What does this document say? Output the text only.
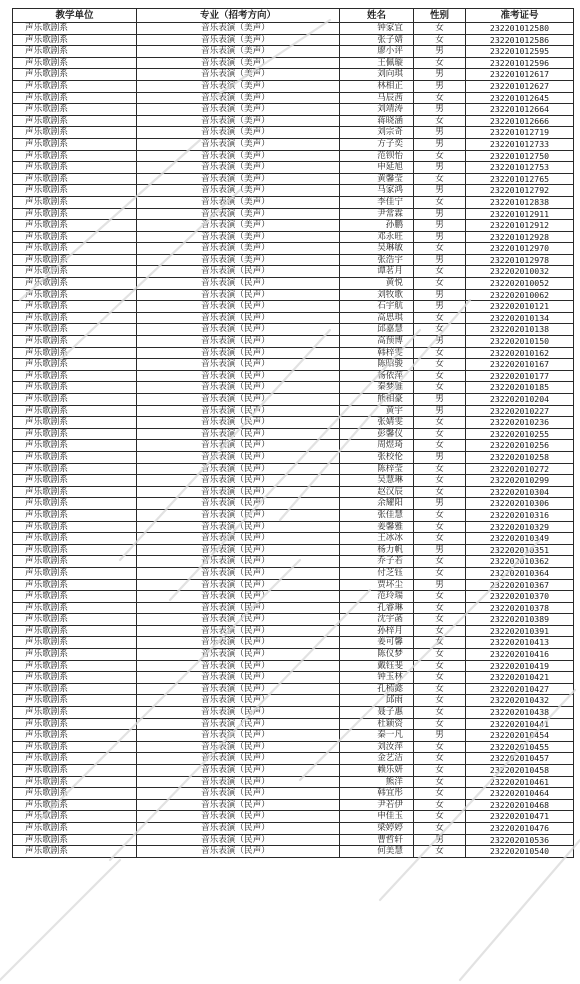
教学单位	专业（招考方向）	姓名	性别	准考证号
声乐歌剧系	音乐表演（美声）	钟家宜	女	232201012580
声乐歌剧系	音乐表演（美声）	张子婧	女	232201012586
声乐歌剧系	音乐表演（美声）	廖小评	男	232201012595
声乐歌剧系	音乐表演（美声）	王佩璇	女	232201012596
声乐歌剧系	音乐表演（美声）	刘向琪	男	232201012617
声乐歌剧系	音乐表演（美声）	林相正	男	232201012627
声乐歌剧系	音乐表演（美声）	马辰茜	女	232201012645
声乐歌剧系	音乐表演（美声）	刘靖涛	男	232201012664
声乐歌剧系	音乐表演（美声）	蒋晓涵	女	232201012666
声乐歌剧系	音乐表演（美声）	刘宗奇	男	232201012719
声乐歌剧系	音乐表演（美声）	方子奕	男	232201012733
声乐歌剧系	音乐表演（美声）	范钡怡	女	232201012750
声乐歌剧系	音乐表演（美声）	申延旭	男	232201012753
声乐歌剧系	音乐表演（美声）	黄馨莹	女	232201012765
声乐歌剧系	音乐表演（美声）	马家鸿	男	232201012792
声乐歌剧系	音乐表演（美声）	李佳宁	女	232201012838
声乐歌剧系	音乐表演（美声）	尹常霖	男	232201012911
声乐歌剧系	音乐表演（美声）	孙鹏	男	232201012912
声乐歌剧系	音乐表演（美声）	邓永旺	男	232201012928
声乐歌剧系	音乐表演（美声）	吴琳敏	女	232201012970
声乐歌剧系	音乐表演（美声）	张浩宇	男	232201012978
声乐歌剧系	音乐表演（民声）	谭茗月	女	232202010032
声乐歌剧系	音乐表演（民声）	黄悦	女	232202010052
声乐歌剧系	音乐表演（民声）	刘牧歌	男	232202010062
声乐歌剧系	音乐表演（民声）	石宇航	男	232202010121
声乐歌剧系	音乐表演（民声）	高思琪	女	232202010134
声乐歌剧系	音乐表演（民声）	邱嘉慧	女	232202010138
声乐歌剧系	音乐表演（民声）	高预博	男	232202010150
声乐歌剧系	音乐表演（民声）	韩梓雯	女	232202010162
声乐歌剧系	音乐表演（民声）	陈昭骏	女	232202010167
声乐歌剧系	音乐表演（民声）	杨依萍	女	232202010177
声乐歌剧系	音乐表演（民声）	秦梦雅	女	232202010185
声乐歌剧系	音乐表演（民声）	熊相豪	男	232202010204
声乐歌剧系	音乐表演（民声）	黄宇	男	232202010227
声乐歌剧系	音乐表演（民声）	张婧雯	女	232202010236
声乐歌剧系	音乐表演（民声）	彭馨仪	女	232202010255
声乐歌剧系	音乐表演（民声）	周煜琦	女	232202010256
声乐歌剧系	音乐表演（民声）	张校伦	男	232202010258
声乐歌剧系	音乐表演（民声）	陈梓莹	女	232202010272
声乐歌剧系	音乐表演（民声）	吴慧琳	女	232202010299
声乐歌剧系	音乐表演（民声）	赵汉辰	女	232202010304
声乐歌剧系	音乐表演（民声）	余耀阳	男	232202010306
声乐歌剧系	音乐表演（民声）	张佳慧	女	232202010316
声乐歌剧系	音乐表演（民声）	姜馨雅	女	232202010329
声乐歌剧系	音乐表演（民声）	王冰冰	女	232202010349
声乐歌剧系	音乐表演（民声）	杨力帆	男	232202010351
声乐歌剧系	音乐表演（民声）	乔子若	女	232202010362
声乐歌剧系	音乐表演（民声）	付芝钰	女	232202010364
声乐歌剧系	音乐表演（民声）	贾坏尘	男	232202010367
声乐歌剧系	音乐表演（民声）	范玲瑞	女	232202010370
声乐歌剧系	音乐表演（民声）	孔睿琳	女	232202010378
声乐歌剧系	音乐表演（民声）	沈宇菡	女	232202010389
声乐歌剧系	音乐表演（民声）	孙梓月	女	232202010391
声乐歌剧系	音乐表演（民声）	姜可馨	女	232202010413
声乐歌剧系	音乐表演（民声）	陈仪梦	女	232202010416
声乐歌剧系	音乐表演（民声）	戴钰斐	女	232202010419
声乐歌剧系	音乐表演（民声）	钟玉林	女	232202010421
声乐歌剧系	音乐表演（民声）	孔楠懿	女	232202010427
声乐歌剧系	音乐表演（民声）	邱雨	女	232202010432
声乐歌剧系	音乐表演（民声）	聂子惠	女	232202010438
声乐歌剧系	音乐表演（民声）	杜颖资	女	232202010441
声乐歌剧系	音乐表演（民声）	秦一凡	男	232202010454
声乐歌剧系	音乐表演（民声）	刘汝萍	女	232202010455
声乐歌剧系	音乐表演（民声）	金艺洁	女	232202010457
声乐歌剧系	音乐表演（民声）	赖乐妍	女	232202010458
声乐歌剧系	音乐表演（民声）	熊洋	女	232202010461
声乐歌剧系	音乐表演（民声）	韩宜彤	女	232202010464
声乐歌剧系	音乐表演（民声）	尹若伊	女	232202010468
声乐歌剧系	音乐表演（民声）	申佳玉	女	232202010471
声乐歌剧系	音乐表演（民声）	梁婷婷	女	232202010476
声乐歌剧系	音乐表演（民声）	曹哲轩	男	232202010536
声乐歌剧系	音乐表演（民声）	何美慧	女	232202010540
